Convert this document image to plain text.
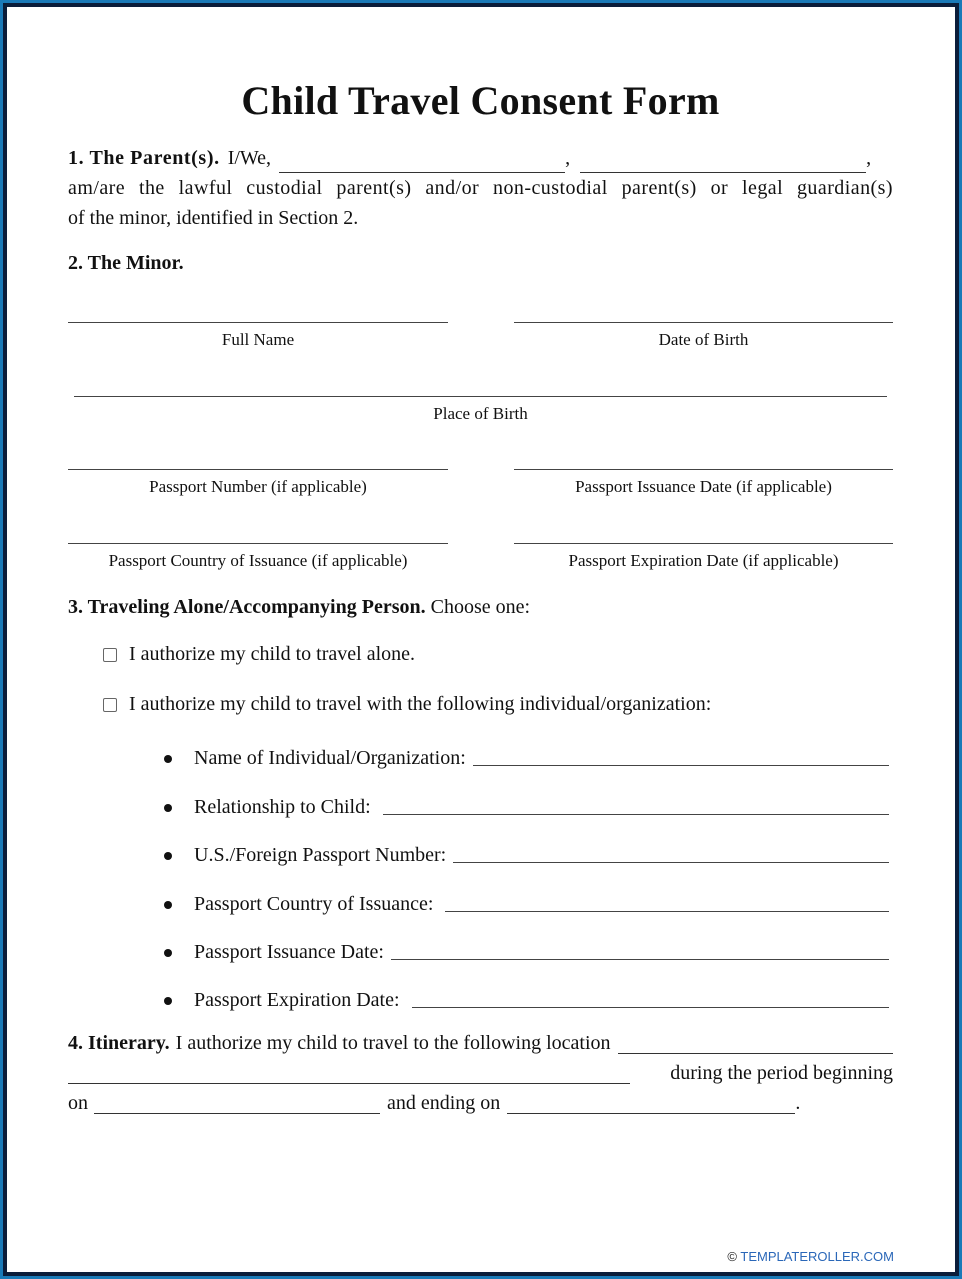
Child Travel Consent Form
1. The Parent(s). I/We,	,	,
am/are the lawful custodial parent(s) and/or non-custodial parent(s) or legal guardian(s)
of the minor, identified in Section 2.
2. The Minor.
Full Name	Date of Birth
Place of Birth
Passport Number (if applicable)	Passport Issuance Date (if applicable)
Passport Country of Issuance (if applicable)	Passport Expiration Date (if applicable)
3. Traveling Alone/Accompanying Person. Choose one:
I authorize my child to travel alone.
I authorize my child to travel with the following individual/organization:
Name of Individual/Organization:
Relationship to Child:
U.S./Foreign Passport Number:
Passport Country of Issuance:
Passport Issuance Date:
Passport Expiration Date:
4. Itinerary. I authorize my child to travel to the following location
during the period beginning
on	and ending on	.
© TEMPLATEROLLER.COM
